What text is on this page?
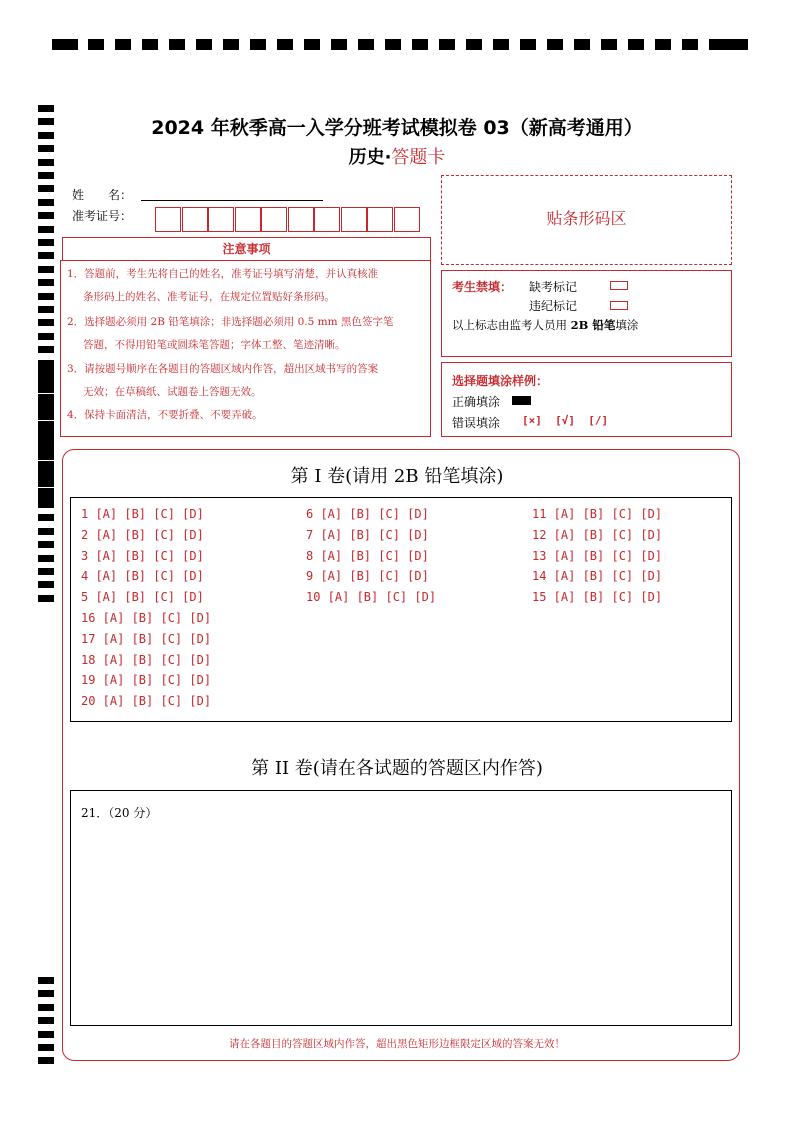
2024 年秋季高一入学分班考试模拟卷 03（新高考通用）
历史·答题卡
姓　　名：
准考证号：	贴条形码区
注意事项
1．答题前，考生先将自己的姓名，准考证号填写清楚，并认真核准
条形码上的姓名、准考证号，在规定位置贴好条形码。
2．选择题必须用 2B 铅笔填涂；非选择题必须用 0.5 mm 黑色签字笔
答题，不得用铅笔或圆珠笔答题；字体工整、笔迹清晰。
3．请按题号顺序在各题目的答题区域内作答，超出区域书写的答案
无效；在草稿纸、试题卷上答题无效。
4．保持卡面清洁，不要折叠、不要弄破。
考生禁填： 缺考标记
违纪标记
以上标志由监考人员用 2B 铅笔填涂
选择题填涂样例：
正确填涂
错误填涂 [×]  [√]  [/]
第 I 卷(请用 2B 铅笔填涂)
1 [A] [B] [C] [D]
2 [A] [B] [C] [D]
3 [A] [B] [C] [D]
4 [A] [B] [C] [D]
5 [A] [B] [C] [D]
6 [A] [B] [C] [D]
7 [A] [B] [C] [D]
8 [A] [B] [C] [D]
9 [A] [B] [C] [D]
10 [A] [B] [C] [D]
11 [A] [B] [C] [D]
12 [A] [B] [C] [D]
13 [A] [B] [C] [D]
14 [A] [B] [C] [D]
15 [A] [B] [C] [D]
16 [A] [B] [C] [D]
17 [A] [B] [C] [D]
18 [A] [B] [C] [D]
19 [A] [B] [C] [D]
20 [A] [B] [C] [D]
第 II 卷(请在各试题的答题区内作答)
21．（20 分）
请在各题目的答题区域内作答，超出黑色矩形边框限定区域的答案无效！
